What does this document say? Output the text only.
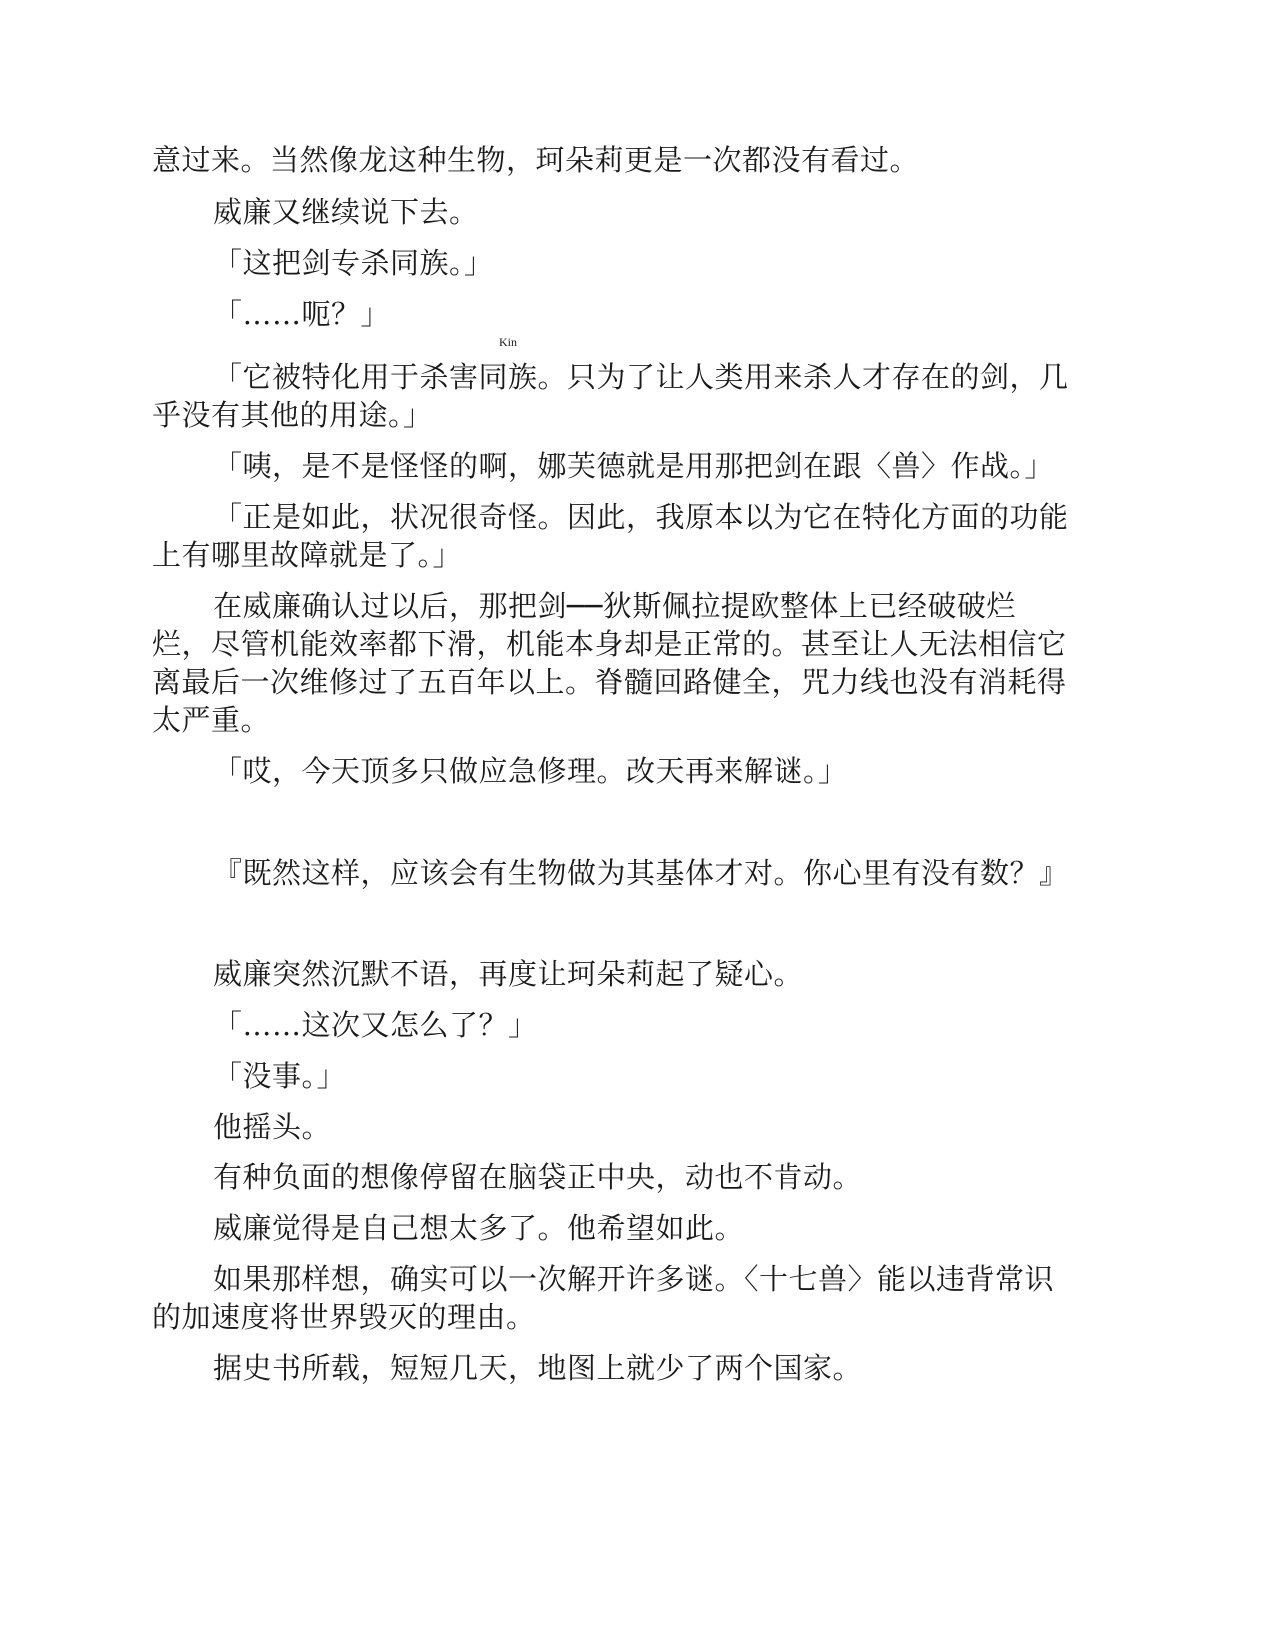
意过来。当然像龙这种生物，珂朵莉更是一次都没有看过。
威廉又继续说下去。
「这把剑专杀同族。」
「……呃？」
「它被特化用于杀害
Kin
同族。只为了让人类用来杀人才存在的剑，几
乎没有其他的用途。」
「咦，是不是怪怪的啊，娜芙德就是用那把剑在跟〈兽〉作战。」
「正是如此，状况很奇怪。因此，我原本以为它在特化方面的功能
上有哪里故障就是了。」
在威廉确认过以后，那把剑──狄斯佩拉提欧整体上已经破破烂
烂，尽管机能效率都下滑，机能本身却是正常的。甚至让人无法相信它
离最后一次维修过了五百年以上。脊髓回路健全，咒力线也没有消耗得
太严重。
「哎，今天顶多只做应急修理。改天再来解谜。」
『既然这样，应该会有生物做为其基体才对。你心里有没有数？』
威廉突然沉默不语，再度让珂朵莉起了疑心。
「……这次又怎么了？」
「没事。」
他摇头。
有种负面的想像停留在脑袋正中央，动也不肯动。
威廉觉得是自己想太多了。他希望如此。
如果那样想，确实可以一次解开许多谜。〈十七兽〉能以违背常识
的加速度将世界毁灭的理由。
据史书所载，短短几天，地图上就少了两个国家。
